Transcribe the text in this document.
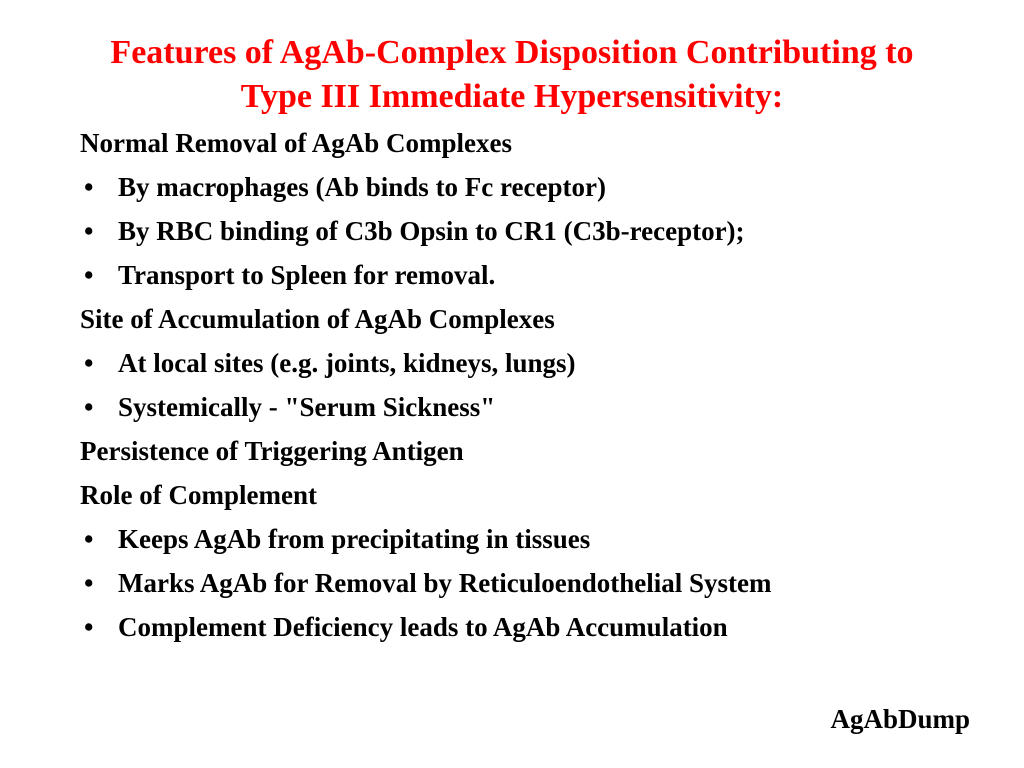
Features of AgAb-Complex Disposition Contributing to
Type III Immediate Hypersensitivity:
Normal Removal of AgAb Complexes
• By macrophages (Ab binds to Fc receptor)
• By RBC binding of C3b Opsin to CR1 (C3b-receptor);
• Transport to Spleen for removal.
Site of Accumulation of AgAb Complexes
• At local sites (e.g. joints, kidneys, lungs)
• Systemically - "Serum Sickness"
Persistence of Triggering Antigen
Role of Complement
• Keeps AgAb from precipitating in tissues
• Marks AgAb for Removal by Reticuloendothelial System
• Complement Deficiency leads to AgAb Accumulation
AgAbDump
